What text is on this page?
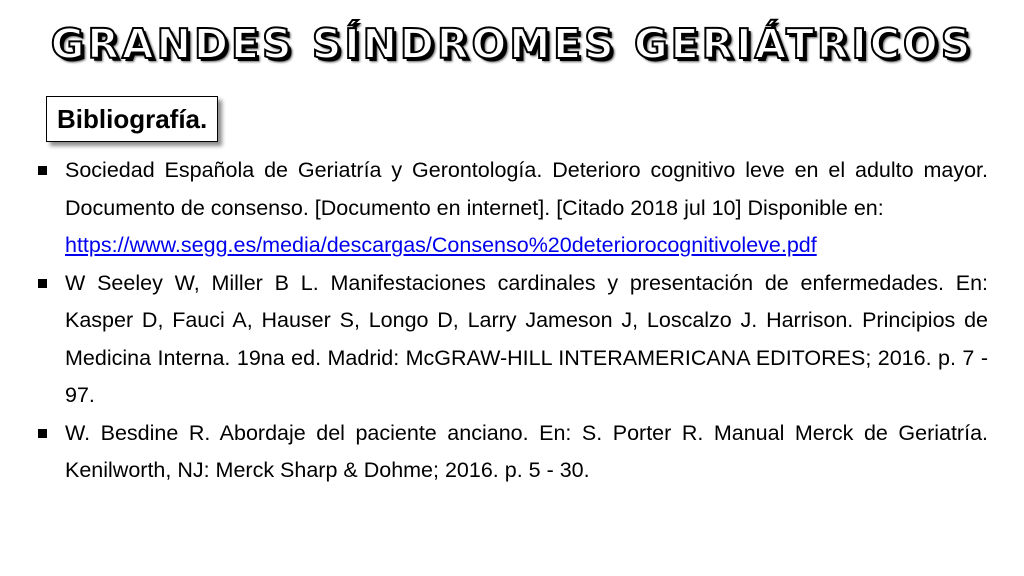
GRANDES SÍNDROMES GERIÁTRICOS
Bibliografía.
Sociedad Española de Geriatría y Gerontología. Deterioro cognitivo leve en el adulto mayor. Documento de consenso. [Documento en internet]. [Citado 2018 jul 10] Disponible en:
https://www.segg.es/media/descargas/Consenso%20deteriorocognitivoleve.pdf
W Seeley W, Miller B L. Manifestaciones cardinales y presentación de enfermedades. En: Kasper D, Fauci A, Hauser S, Longo D, Larry Jameson J, Loscalzo J. Harrison. Principios de Medicina Interna. 19na ed. Madrid: McGRAW-HILL INTERAMERICANA EDITORES; 2016. p. 7 - 97.
W. Besdine R. Abordaje del paciente anciano. En: S. Porter R. Manual Merck de Geriatría. Kenilworth, NJ: Merck Sharp & Dohme; 2016. p. 5 - 30.
